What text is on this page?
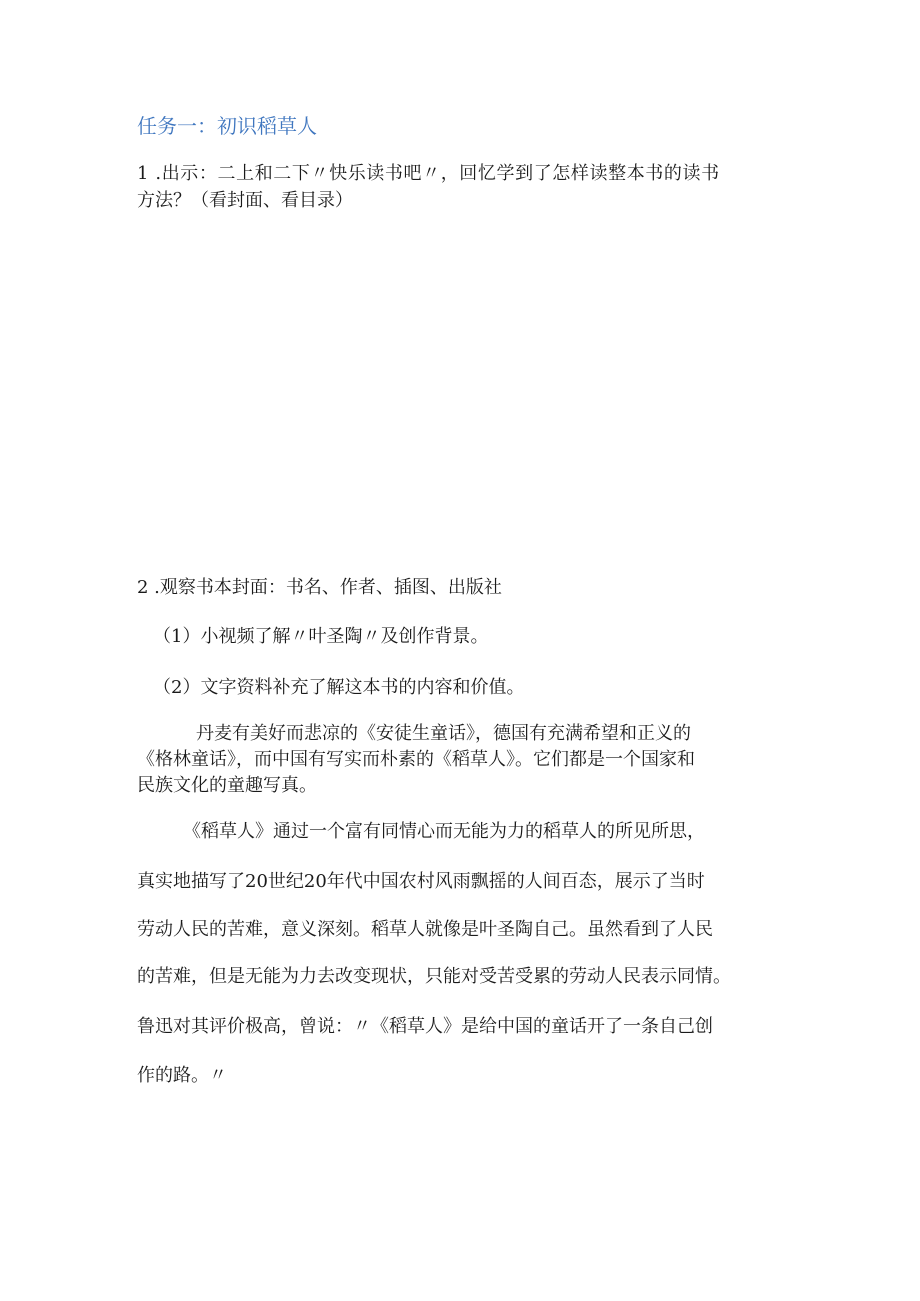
任务一：初识稻草人
1 .出示：二上和二下〃快乐读书吧〃，回忆学到了怎样读整本书的读书
方法？（看封面、看目录）
2 .观察书本封面：书名、作者、插图、出版社
（1）小视频了解〃叶圣陶〃及创作背景。
（2）文字资料补充了解这本书的内容和价值。
丹麦有美好而悲凉的《安徒生童话》，德国有充满希望和正义的
《格林童话》，而中国有写实而朴素的《稻草人》。它们都是一个国家和
民族文化的童趣写真。
《稻草人》通过一个富有同情心而无能为力的稻草人的所见所思，
真实地描写了20世纪20年代中国农村风雨飘摇的人间百态，展示了当时
劳动人民的苦难，意义深刻。稻草人就像是叶圣陶自己。虽然看到了人民
的苦难，但是无能为力去改变现状，只能对受苦受累的劳动人民表示同情。
鲁迅对其评价极高，曾说：〃《稻草人》是给中国的童话开了一条自己创
作的路。〃
